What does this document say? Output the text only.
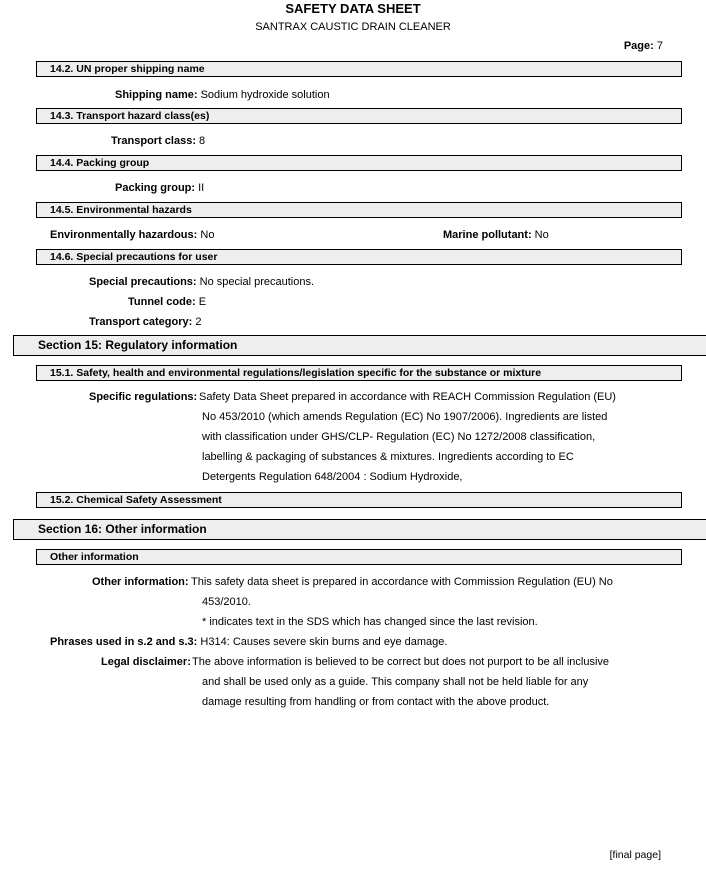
SAFETY DATA SHEET
SANTRAX CAUSTIC DRAIN CLEANER
Page: 7
14.2. UN proper shipping name
Shipping name: Sodium hydroxide solution
14.3. Transport hazard class(es)
Transport class: 8
14.4. Packing group
Packing group: II
14.5. Environmental hazards
Environmentally hazardous: No	Marine pollutant: No
14.6. Special precautions for user
Special precautions: No special precautions.
Tunnel code: E
Transport category: 2
Section 15: Regulatory information
15.1. Safety, health and environmental regulations/legislation specific for the substance or mixture
Specific regulations: Safety Data Sheet prepared in accordance with REACH Commission Regulation (EU)
No 453/2010 (which amends Regulation (EC) No 1907/2006). Ingredients are listed
with classification under GHS/CLP- Regulation (EC) No 1272/2008 classification,
labelling & packaging of substances & mixtures. Ingredients according to EC
Detergents Regulation 648/2004 : Sodium Hydroxide,
15.2. Chemical Safety Assessment
Section 16: Other information
Other information
Other information: This safety data sheet is prepared in accordance with Commission Regulation (EU) No
453/2010.
* indicates text in the SDS which has changed since the last revision.
Phrases used in s.2 and s.3: H314: Causes severe skin burns and eye damage.
Legal disclaimer: The above information is believed to be correct but does not purport to be all inclusive
and shall be used only as a guide. This company shall not be held liable for any
damage resulting from handling or from contact with the above product.
[final page]
